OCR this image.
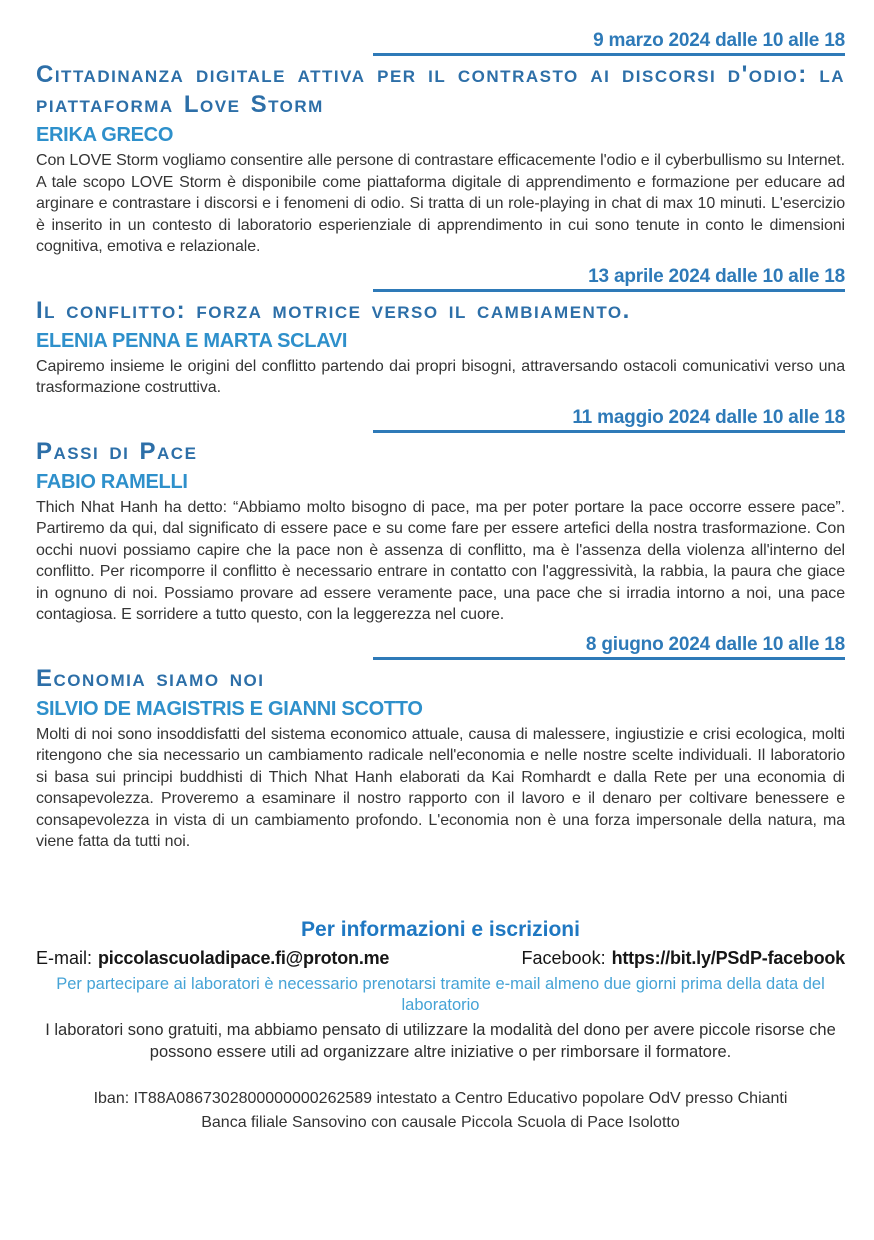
9 marzo 2024 dalle 10 alle 18
Cittadinanza digitale attiva per il contrasto ai discorsi d'odio: la piattaforma Love Storm
ERIKA GRECO

Con LOVE Storm vogliamo consentire alle persone di contrastare efficacemente l'odio e il cyberbullismo su Internet. A tale scopo LOVE Storm è disponibile come piattaforma digitale di apprendimento e formazione per educare ad arginare e contrastare i discorsi e i fenomeni di odio. Si tratta di un role-playing in chat di max 10 minuti. L'esercizio è inserito in un contesto di laboratorio esperienziale di apprendimento in cui sono tenute in conto le dimensioni cognitiva, emotiva e relazionale.

13 aprile 2024 dalle 10 alle 18
Il conflitto: forza motrice verso il cambiamento.
ELENIA PENNA E MARTA SCLAVI

Capiremo insieme le origini del conflitto partendo dai propri bisogni, attraversando ostacoli comunicativi verso una trasformazione costruttiva.

11 maggio 2024 dalle 10 alle 18
Passi di Pace
FABIO RAMELLI

Thich Nhat Hanh ha detto: “Abbiamo molto bisogno di pace, ma per poter portare la pace occorre essere pace”. Partiremo da qui, dal significato di essere pace e su come fare per essere artefici della nostra trasformazione. Con occhi nuovi possiamo capire che la pace non è assenza di conflitto, ma è l'assenza della violenza all'interno del conflitto. Per ricomporre il conflitto è necessario entrare in contatto con l'aggressività, la rabbia, la paura che giace in ognuno di noi. Possiamo provare ad essere veramente pace, una pace che si irradia intorno a noi, una pace contagiosa. E sorridere a tutto questo, con la leggerezza nel cuore.

8 giugno 2024 dalle 10 alle 18
Economia siamo noi
SILVIO DE MAGISTRIS E GIANNI SCOTTO

Molti di noi sono insoddisfatti del sistema economico attuale, causa di malessere, ingiustizie e crisi ecologica, molti ritengono che sia necessario un cambiamento radicale nell'economia e nelle nostre scelte individuali. Il laboratorio si basa sui principi buddhisti di Thich Nhat Hanh elaborati da Kai Romhardt e dalla Rete per una economia di consapevolezza. Proveremo a esaminare il nostro rapporto con il lavoro e il denaro per coltivare benessere e consapevolezza in vista di un cambiamento profondo. L'economia non è una forza impersonale della natura, ma viene fatta da tutti noi.

Per informazioni e iscrizioni
E-mail: piccolascuoladipace.fi@proton.me	Facebook: https://bit.ly/PSdP-facebook

Per partecipare ai laboratori è necessario prenotarsi tramite e-mail almeno due giorni prima della data del laboratorio

I laboratori sono gratuiti, ma abbiamo pensato di utilizzare la modalità del dono per avere piccole risorse che possono essere utili ad organizzare altre iniziative o per rimborsare il formatore.

Iban: IT88A0867302800000000262589 intestato a Centro Educativo popolare OdV presso Chianti Banca filiale Sansovino con causale Piccola Scuola di Pace Isolotto
